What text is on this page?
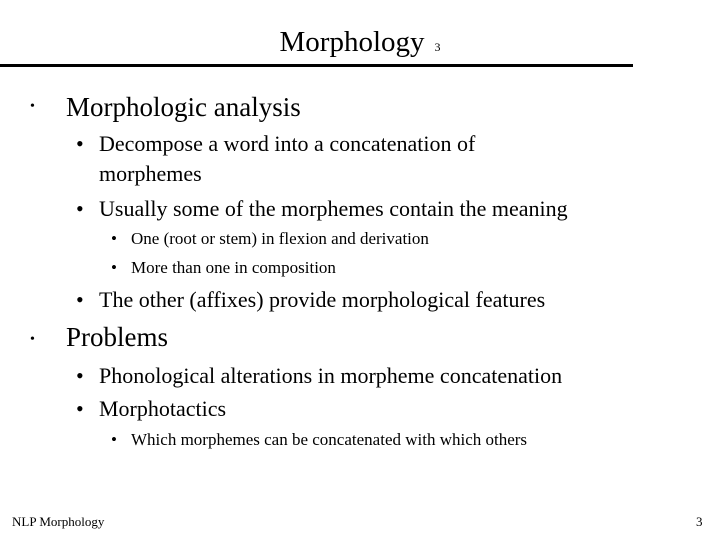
Morphology 3
• Morphologic analysis
• Decompose a word into a concatenation of
morphemes
• Usually some of the morphemes contain the meaning
• One (root or stem) in flexion and derivation
• More than one in composition
• The other (affixes) provide morphological features
• Problems
• Phonological alterations in morpheme concatenation
• Morphotactics
• Which morphemes can be concatenated with which others
NLP Morphology	3
